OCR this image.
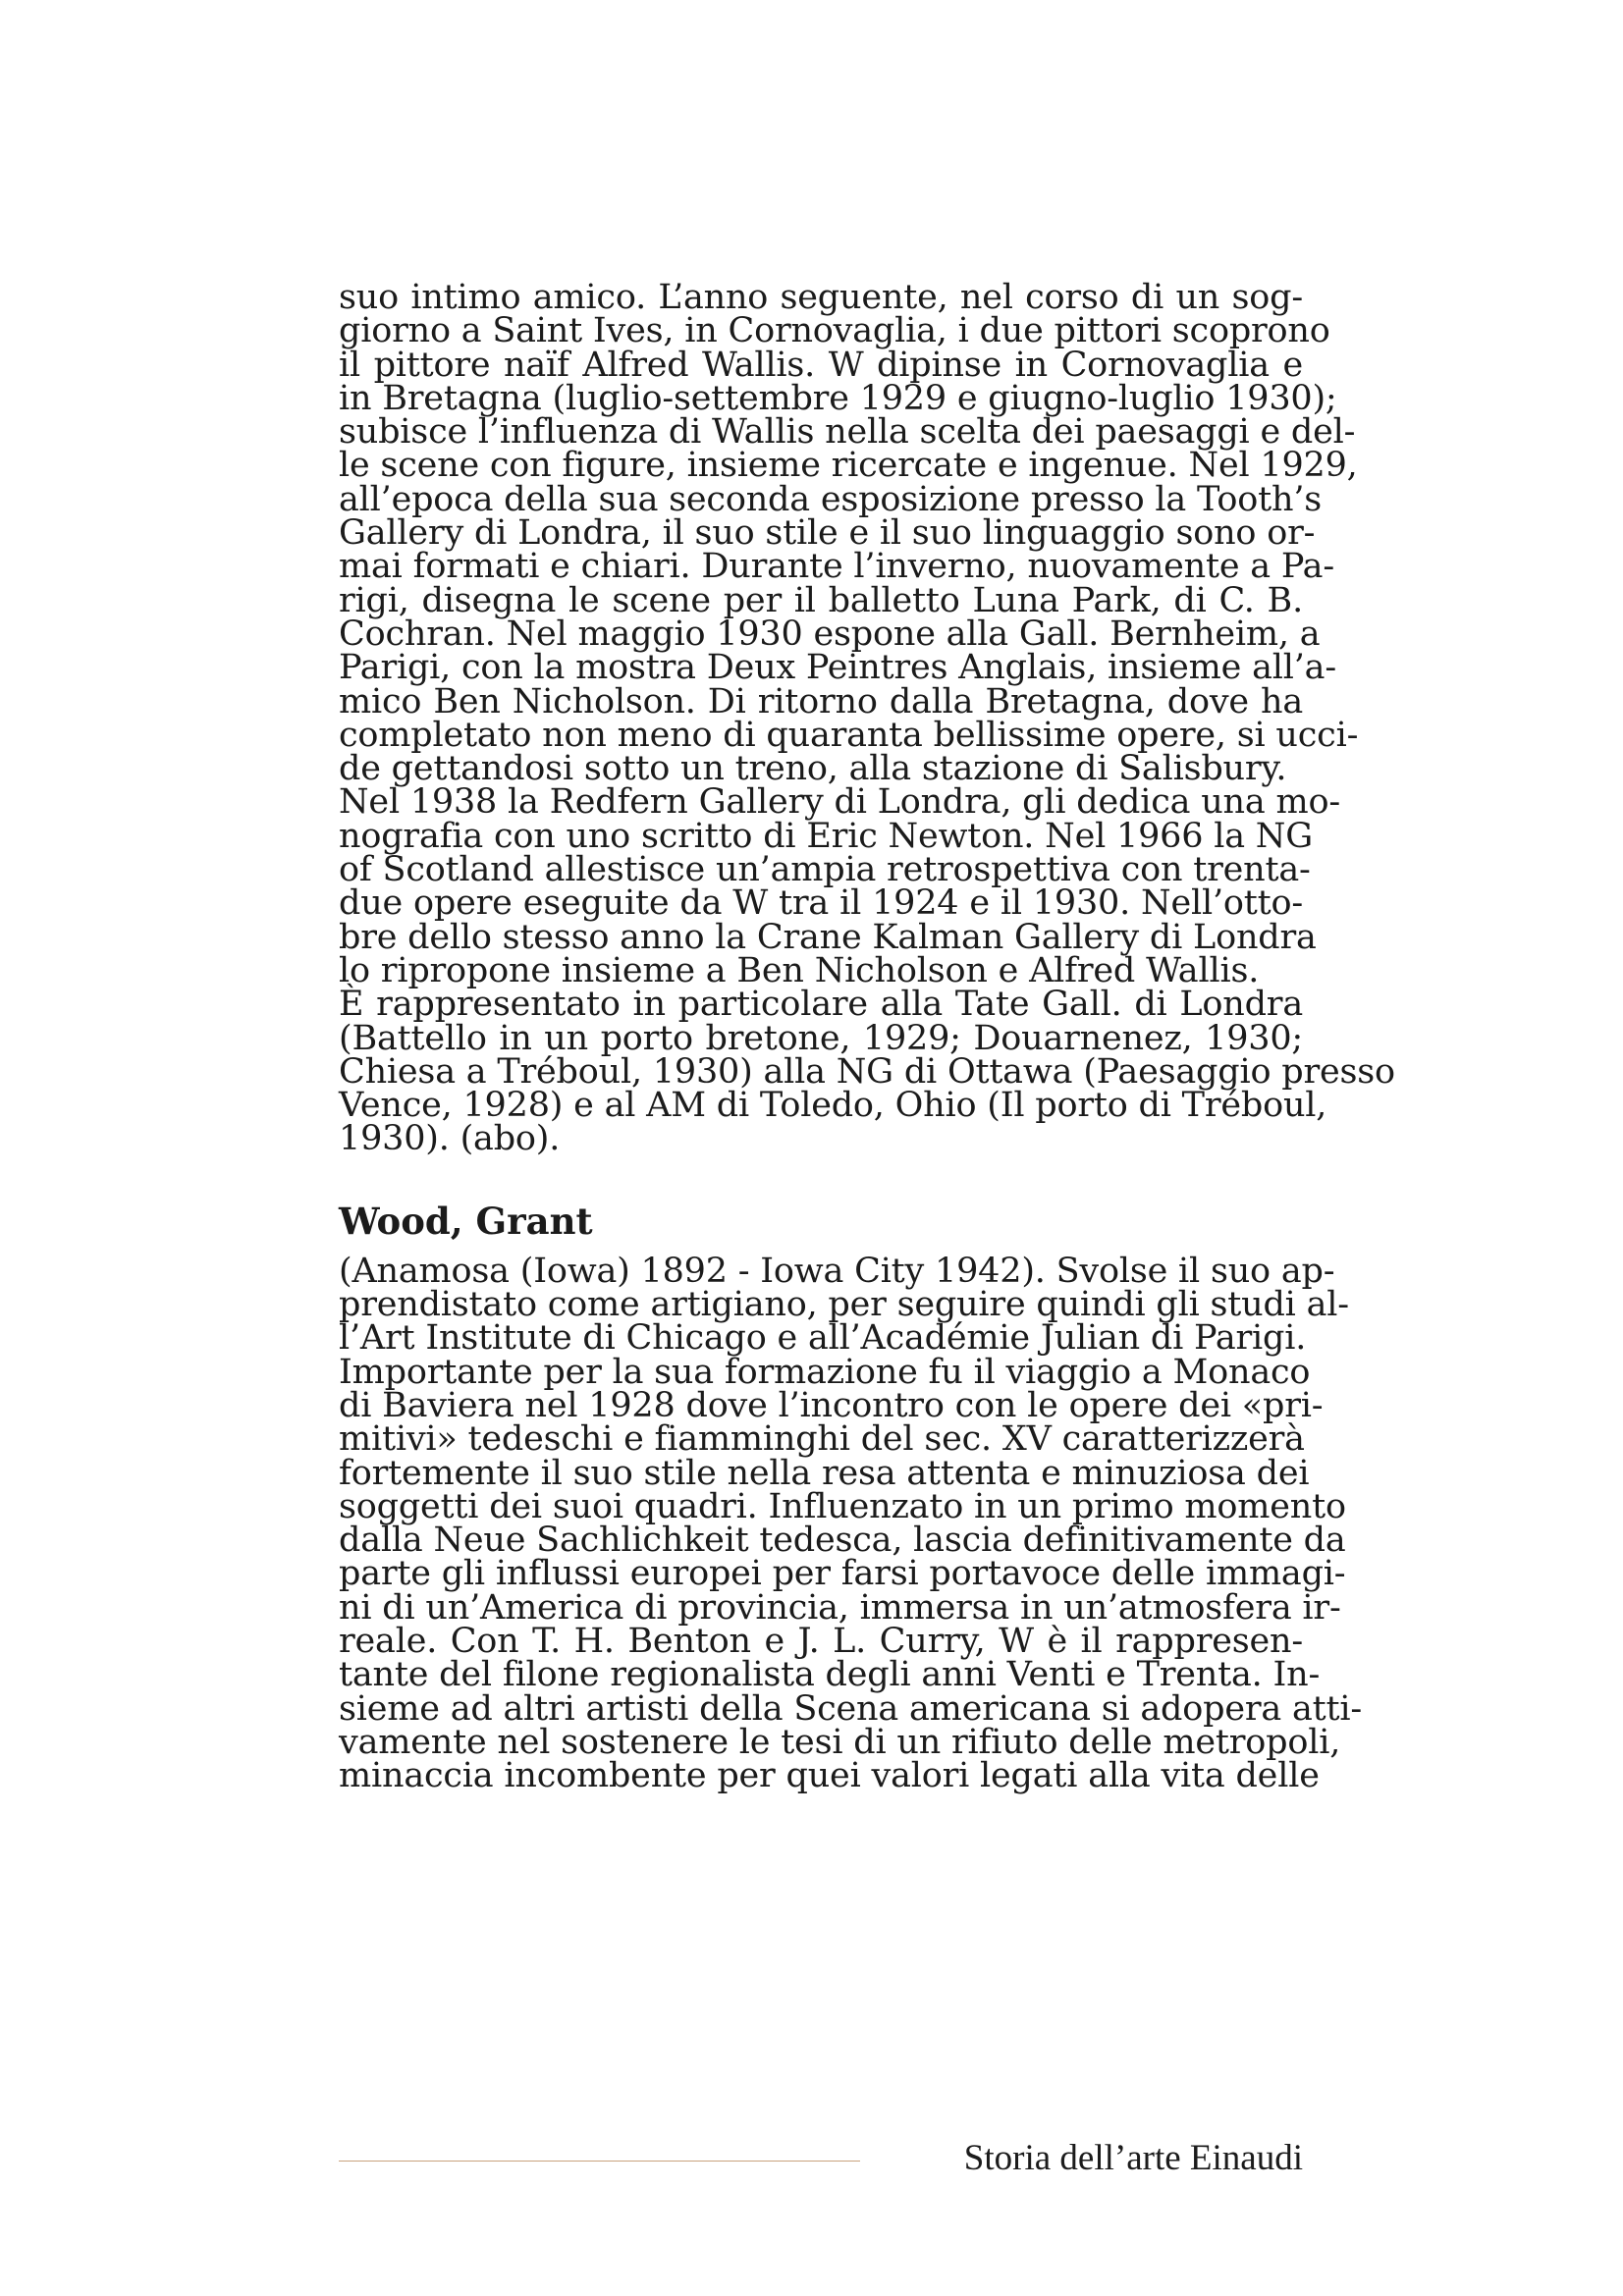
suo intimo amico. L’anno seguente, nel corso di un sog-
giorno a Saint Ives, in Cornovaglia, i due pittori scoprono
il pittore naïf Alfred Wallis. W dipinse in Cornovaglia e
in Bretagna (luglio-settembre 1929 e giugno-luglio 1930);
subisce l’influenza di Wallis nella scelta dei paesaggi e del-
le scene con figure, insieme ricercate e ingenue. Nel 1929,
all’epoca della sua seconda esposizione presso la Tooth’s
Gallery di Londra, il suo stile e il suo linguaggio sono or-
mai formati e chiari. Durante l’inverno, nuovamente a Pa-
rigi, disegna le scene per il balletto Luna Park, di C. B.
Cochran. Nel maggio 1930 espone alla Gall. Bernheim, a
Parigi, con la mostra Deux Peintres Anglais, insieme all’a-
mico Ben Nicholson. Di ritorno dalla Bretagna, dove ha
completato non meno di quaranta bellissime opere, si ucci-
de gettandosi sotto un treno, alla stazione di Salisbury.
Nel 1938 la Redfern Gallery di Londra, gli dedica una mo-
nografia con uno scritto di Eric Newton. Nel 1966 la NG
of Scotland allestisce un’ampia retrospettiva con trenta-
due opere eseguite da W tra il 1924 e il 1930. Nell’otto-
bre dello stesso anno la Crane Kalman Gallery di Londra
lo ripropone insieme a Ben Nicholson e Alfred Wallis.
È rappresentato in particolare alla Tate Gall. di Londra
(Battello in un porto bretone, 1929; Douarnenez, 1930;
Chiesa a Tréboul, 1930) alla NG di Ottawa (Paesaggio presso
Vence, 1928) e al AM di Toledo, Ohio (Il porto di Tréboul,
1930). (abo).
Wood, Grant
(Anamosa (Iowa) 1892 - Iowa City 1942). Svolse il suo ap-
prendistato come artigiano, per seguire quindi gli studi al-
l’Art Institute di Chicago e all’Académie Julian di Parigi.
Importante per la sua formazione fu il viaggio a Monaco
di Baviera nel 1928 dove l’incontro con le opere dei «pri-
mitivi» tedeschi e fiamminghi del sec. XV caratterizzerà
fortemente il suo stile nella resa attenta e minuziosa dei
soggetti dei suoi quadri. Influenzato in un primo momento
dalla Neue Sachlichkeit tedesca, lascia definitivamente da
parte gli influssi europei per farsi portavoce delle immagi-
ni di un’America di provincia, immersa in un’atmosfera ir-
reale. Con T. H. Benton e J. L. Curry, W è il rappresen-
tante del filone regionalista degli anni Venti e Trenta. In-
sieme ad altri artisti della Scena americana si adopera atti-
vamente nel sostenere le tesi di un rifiuto delle metropoli,
minaccia incombente per quei valori legati alla vita delle
Storia dell’arte Einaudi
